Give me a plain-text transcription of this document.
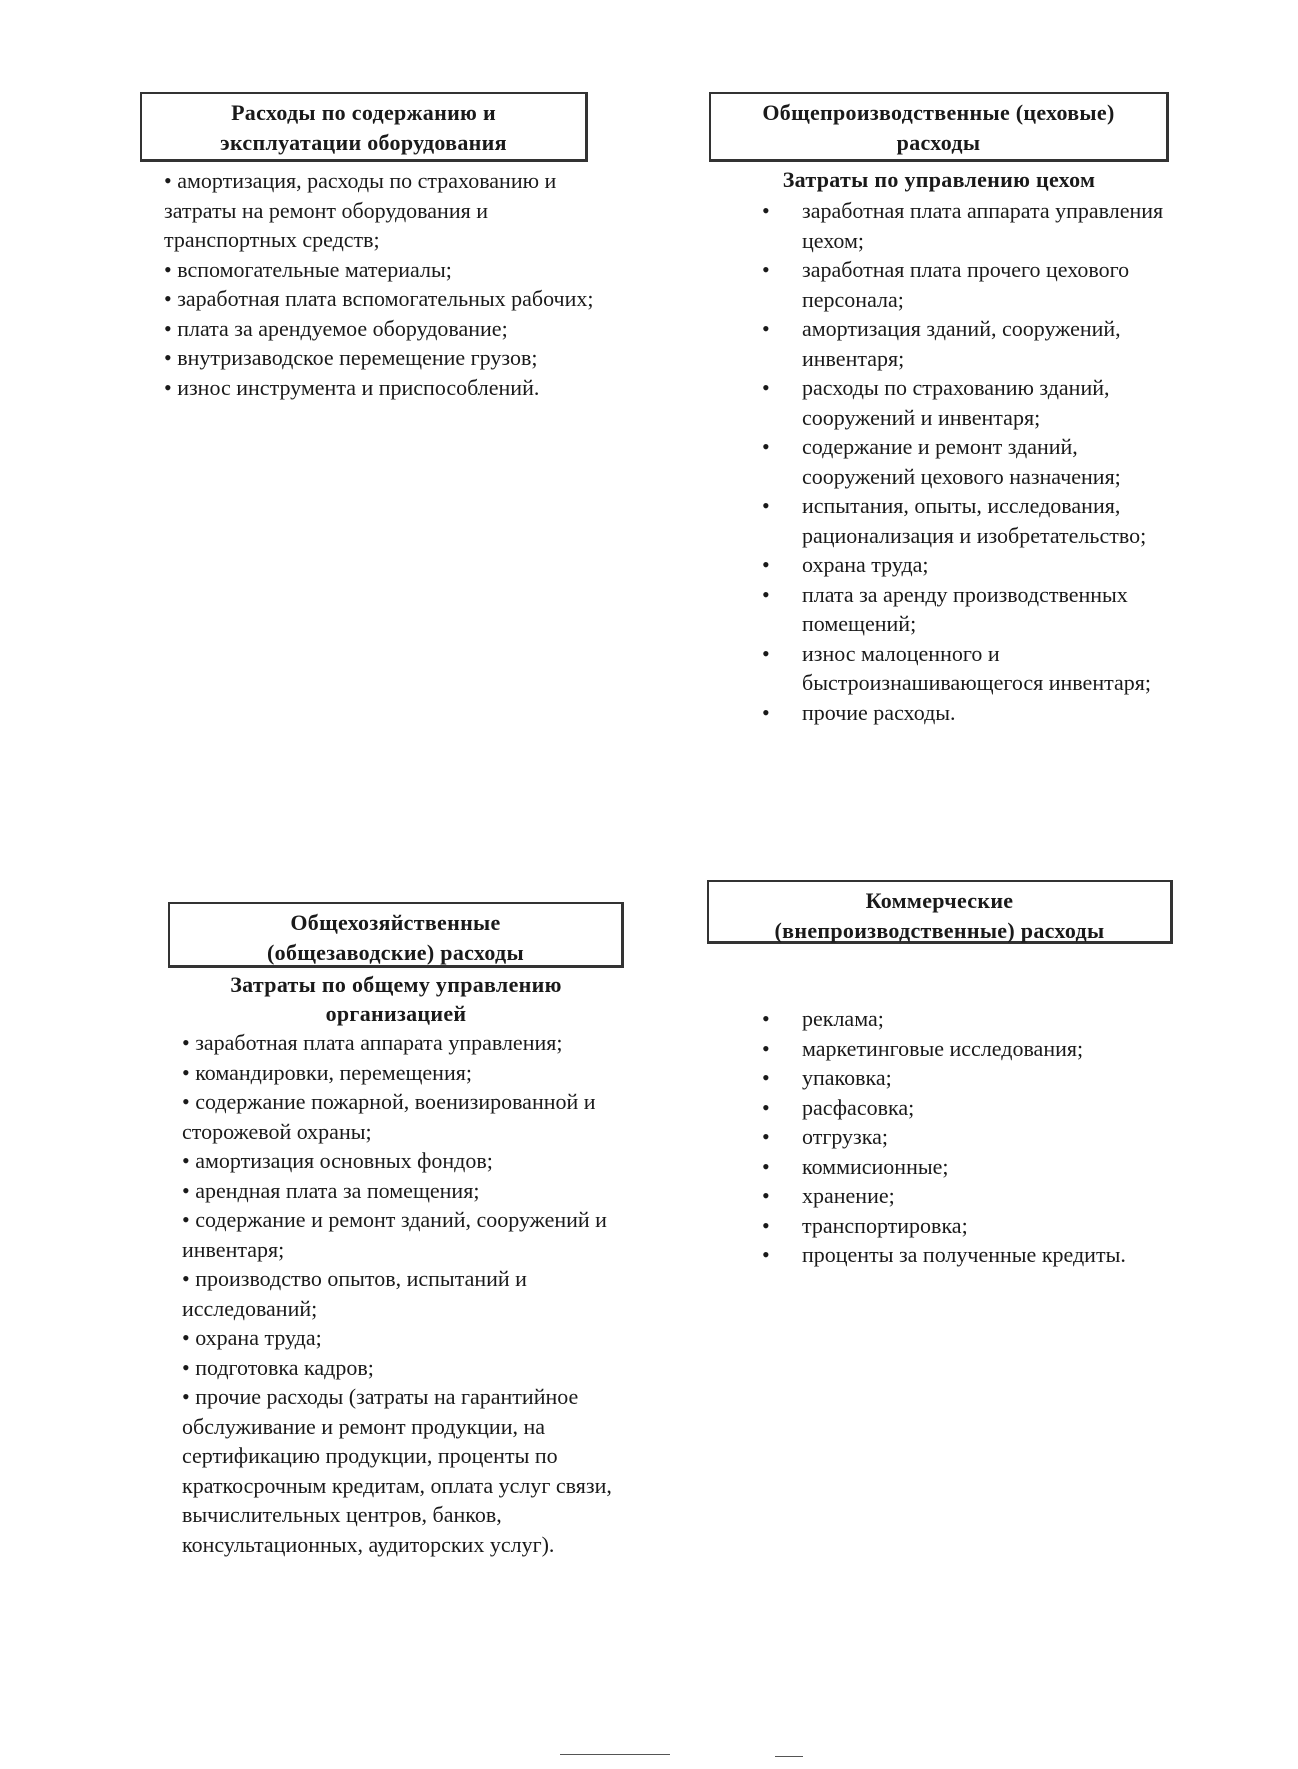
Расходы по содержанию и
эксплуатации оборудования

• амортизация, расходы по страхованию и затраты на ремонт оборудования и транспортных средств;

• вспомогательные материалы;

• заработная плата вспомогательных рабочих;

• плата за арендуемое оборудование;

• внутризаводское перемещение грузов;

• износ инструмента и приспособлений.

Общепроизводственные (цеховые)
расходы
Затраты по управлению цехом

• заработная плата аппарата управления цехом;

• заработная плата прочего цехового персонала;

• амортизация зданий, сооружений, инвентаря;

• расходы по страхованию зданий, сооружений и инвентаря;

• содержание и ремонт зданий, сооружений цехового назначения;

• испытания, опыты, исследования, рационализация и изобретательство;

• охрана труда;

• плата за аренду производственных помещений;

• износ малоценного и быстроизнашивающегося инвентаря;

• прочие расходы.

Общехозяйственные
(общезаводские) расходы
Затраты по общему управлению
организацией

• заработная плата аппарата управления;

• командировки, перемещения;

• содержание пожарной, военизированной и сторожевой охраны;

• амортизация основных фондов;

• арендная плата за помещения;

• содержание и ремонт зданий, сооружений и инвентаря;

• производство опытов, испытаний и исследований;

• охрана труда;

• подготовка кадров;

• прочие расходы (затраты на гарантийное обслуживание и ремонт продукции, на сертификацию продукции, проценты по краткосрочным кредитам, оплата услуг связи, вычислительных центров, банков, консультационных, аудиторских услуг).

Коммерческие
(внепроизводственные) расходы

• реклама;

• маркетинговые исследования;

• упаковка;

• расфасовка;

• отгрузка;

• коммисионные;

• хранение;

• транспортировка;

• проценты за полученные кредиты.
